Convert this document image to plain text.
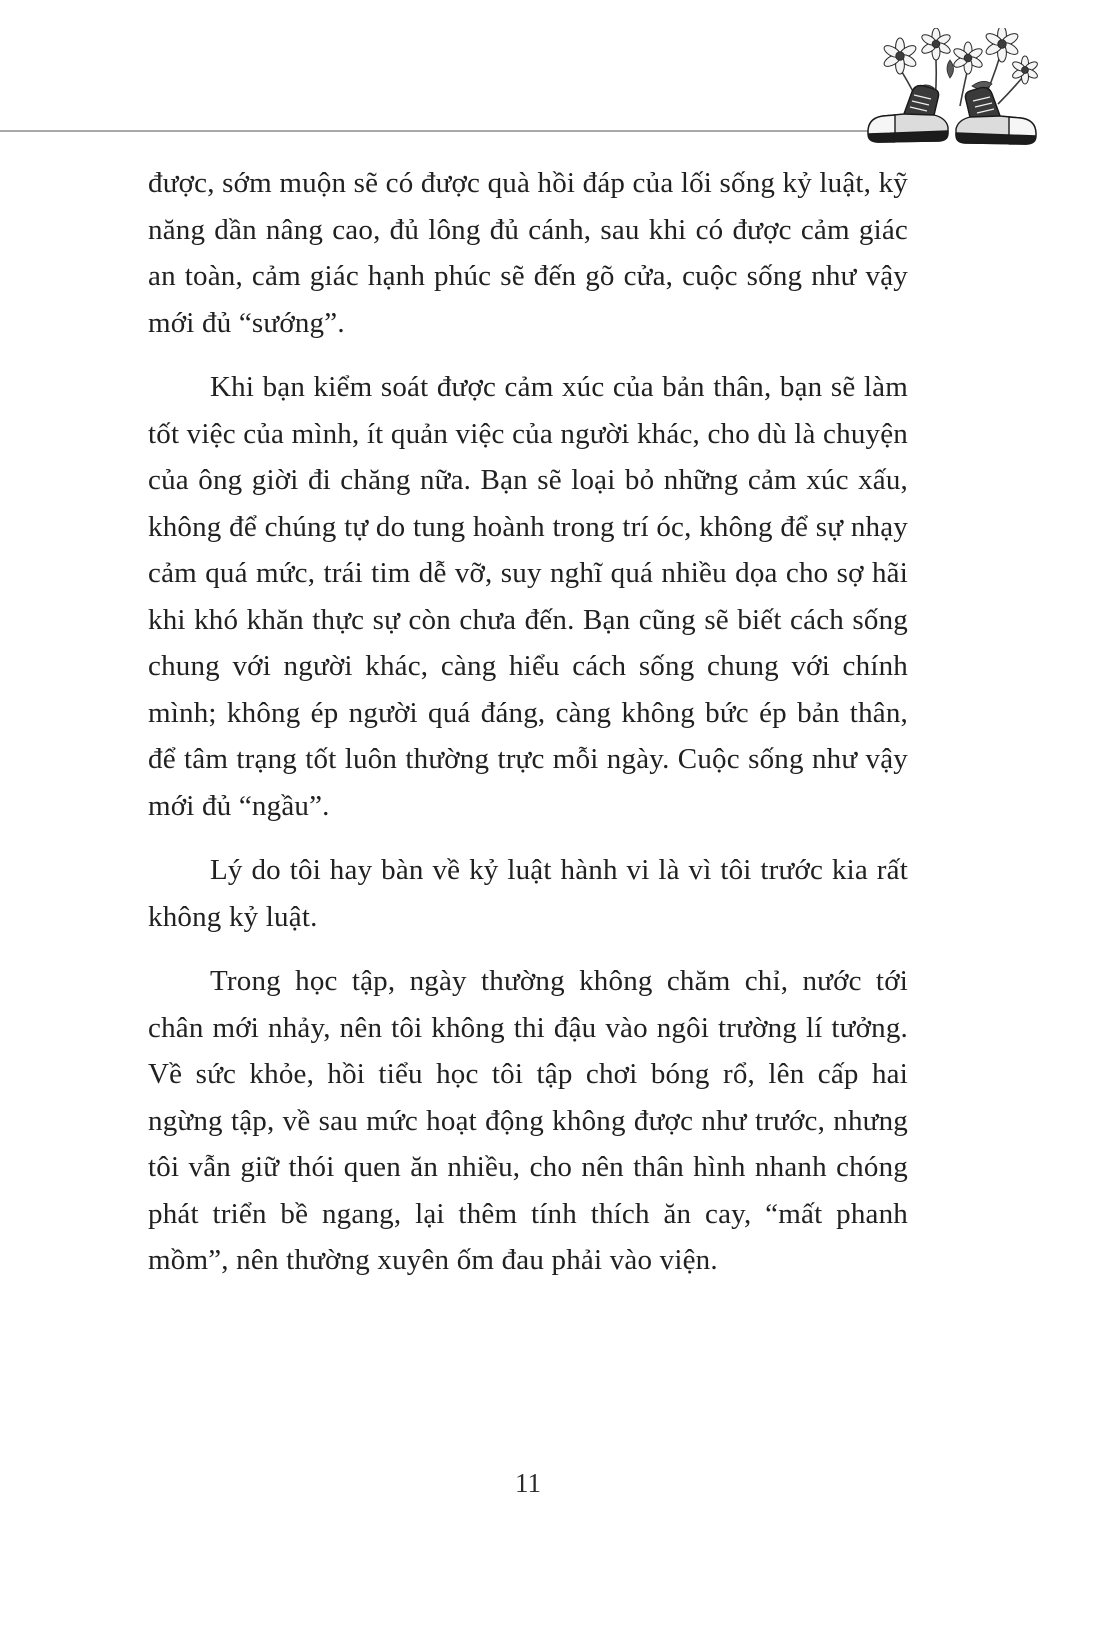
được, sớm muộn sẽ có được quà hồi đáp của lối sống kỷ luật, kỹ năng dần nâng cao, đủ lông đủ cánh, sau khi có được cảm giác an toàn, cảm giác hạnh phúc sẽ đến gõ cửa, cuộc sống như vậy mới đủ “sướng”.

Khi bạn kiểm soát được cảm xúc của bản thân, bạn sẽ làm tốt việc của mình, ít quản việc của người khác, cho dù là chuyện của ông giời đi chăng nữa. Bạn sẽ loại bỏ những cảm xúc xấu, không để chúng tự do tung hoành trong trí óc, không để sự nhạy cảm quá mức, trái tim dễ vỡ, suy nghĩ quá nhiều dọa cho sợ hãi khi khó khăn thực sự còn chưa đến. Bạn cũng sẽ biết cách sống chung với người khác, càng hiểu cách sống chung với chính mình; không ép người quá đáng, càng không bức ép bản thân, để tâm trạng tốt luôn thường trực mỗi ngày. Cuộc sống như vậy mới đủ “ngầu”.

Lý do tôi hay bàn về kỷ luật hành vi là vì tôi trước kia rất không kỷ luật.

Trong học tập, ngày thường không chăm chỉ, nước tới chân mới nhảy, nên tôi không thi đậu vào ngôi trường lí tưởng. Về sức khỏe, hồi tiểu học tôi tập chơi bóng rổ, lên cấp hai ngừng tập, về sau mức hoạt động không được như trước, nhưng tôi vẫn giữ thói quen ăn nhiều, cho nên thân hình nhanh chóng phát triển bề ngang, lại thêm tính thích ăn cay, “mất phanh mồm”, nên thường xuyên ốm đau phải vào viện.

11
